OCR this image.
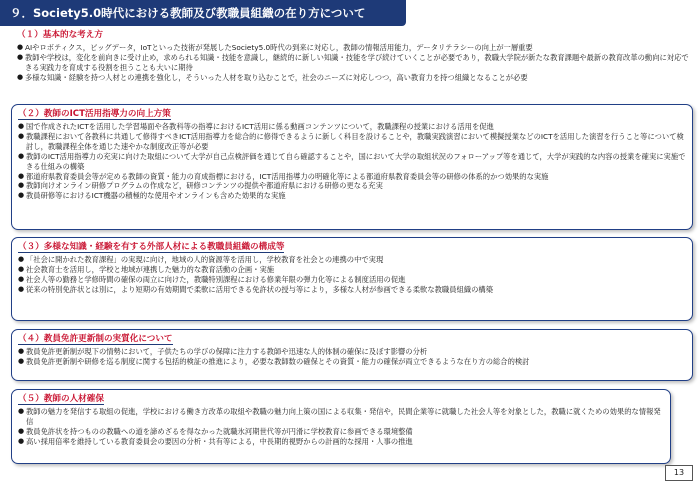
９．Society5.0時代における教師及び教職員組織の在り方について
（１）基本的な考え方
● AIやロボティクス，ビッグデータ，IoTといった技術が発展したSociety5.0時代の到来に対応し，教師の情報活用能力，データリテラシーの向上が一層重要
● 教師や学校は，変化を前向きに受け止め，求められる知識・技能を意識し，継続的に新しい知識・技能を学び続けていくことが必要であり，教職大学院が新たな教育課題や最新の教育改革の動向に対応できる実践力を育成する役割を担うことも大いに期待
● 多様な知識・経験を持つ人材との連携を強化し，そういった人材を取り込むことで，社会のニーズに対応しつつ，高い教育力を持つ組織となることが必要
（２）教師のICT活用指導力の向上方策
● 国で作成されたICTを活用した学習場面や各教科等の指導におけるICT活用に係る動画コンテンツについて，教職課程の授業における活用を促進
● 教職課程において各教科に共通して修得すべきICT活用指導力を総合的に修得できるように新しく科目を設けることや，教職実践演習において模擬授業などのICTを活用した演習を行うこと等について検討し，教職課程全体を通じた速やかな制度改正等が必要
● 教師のICT活用指導力の充実に向けた取組について大学が自己点検評価を通じて自ら確認することや，国において大学の取組状況のフォローアップ等を通じて，大学が実践的な内容の授業を確実に実施できる仕組みの構築
● 都道府県教育委員会等が定める教師の資質・能力の育成指標における，ICT活用指導力の明確化等による都道府県教育委員会等の研修の体系的かつ効果的な実施
● 教師向けオンライン研修プログラムの作成など，研修コンテンツの提供や都道府県における研修の更なる充実
● 教員研修等におけるICT機器の積極的な使用やオンラインも含めた効果的な実施
（３）多様な知識・経験を有する外部人材による教職員組織の構成等
● 「社会に開かれた教育課程」の実現に向け，地域の人的資源等を活用し，学校教育を社会との連携の中で実現
● 社会教育士を活用し，学校と地域が連携した魅力的な教育活動の企画・実施
● 社会人等の勤務と学修時間の確保の両立に向けた，教職特別課程における修業年限の弾力化等による制度活用の促進
● 従来の特別免許状とは別に，より短期の有効期間で柔軟に活用できる免許状の授与等により，多様な人材が参画できる柔軟な教職員組織の構築
（４）教員免許更新制の実質化について
● 教員免許更新制が現下の情勢において，子供たちの学びの保障に注力する教師や迅速な人的体制の確保に及ぼす影響の分析
● 教員免許更新制や研修を巡る制度に関する包括的検証の推進により，必要な教師数の確保とその資質・能力の確保が両立できるような在り方の総合的検討
（５）教師の人材確保
● 教師の魅力を発信する取組の促進，学校における働き方改革の取組や教職の魅力向上策の国による収集・発信や，民間企業等に就職した社会人等を対象とした，教職に就くための効果的な情報発信
● 教員免許状を持つものの教職への道を諦めざるを得なかった就職氷河期世代等が円滑に学校教育に参画できる環境整備
● 高い採用倍率を維持している教育委員会の要因の分析・共有等による，中長期的視野からの計画的な採用・人事の推進
13
